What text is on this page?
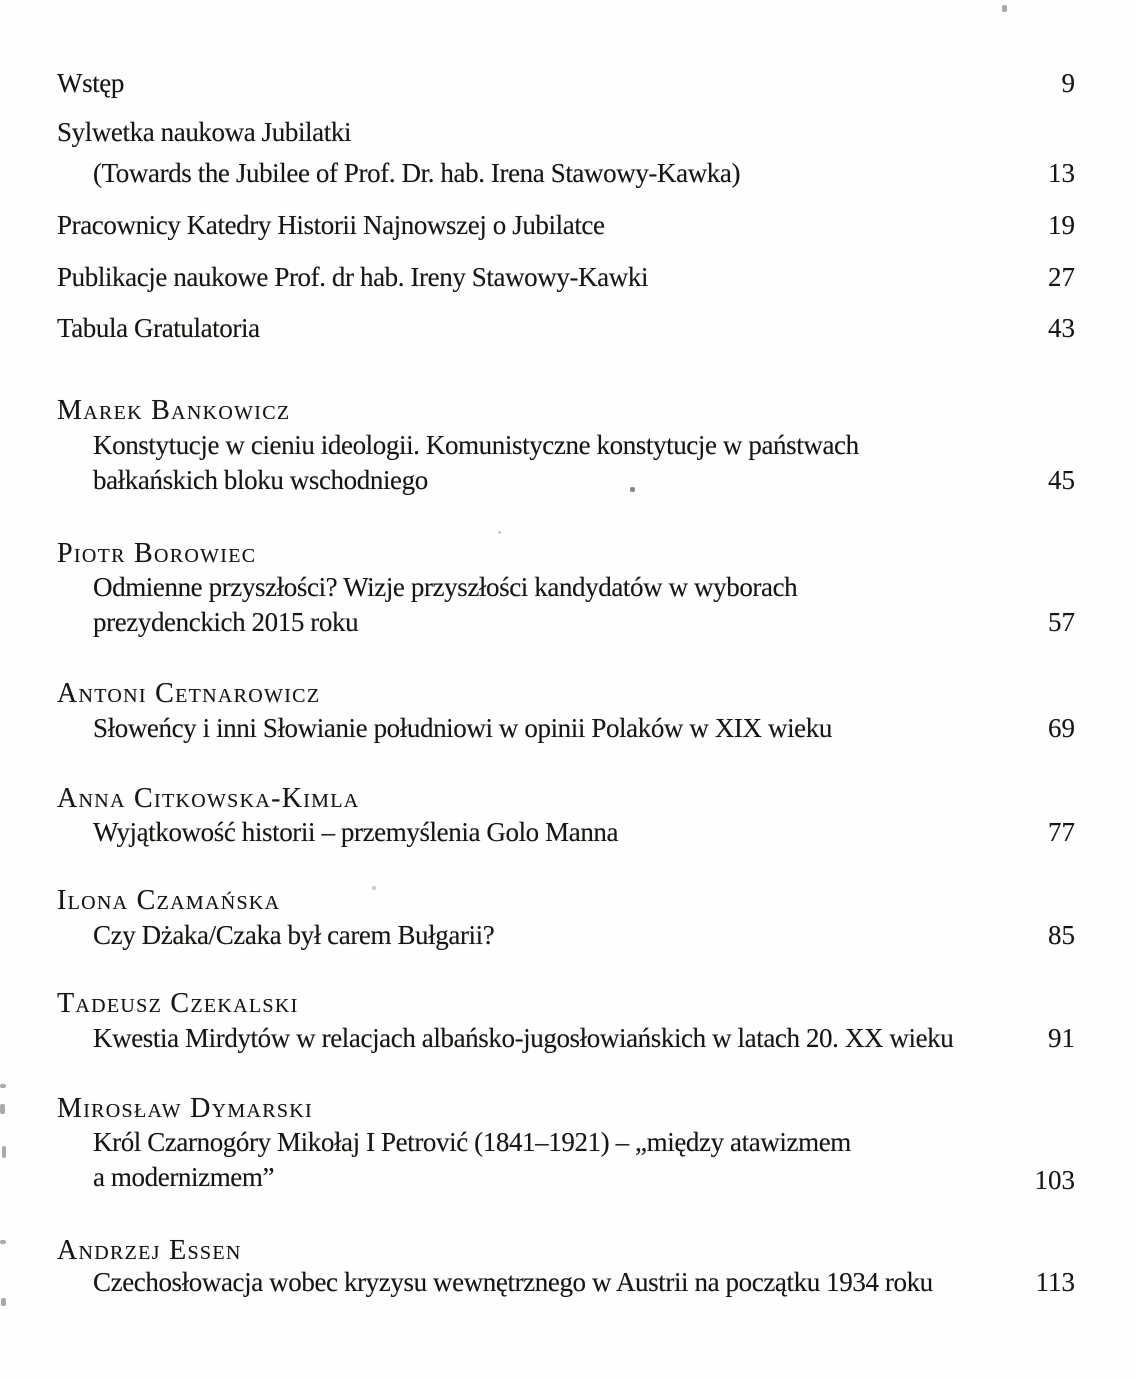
Wstęp	9
Sylwetka naukowa Jubilatki
(Towards the Jubilee of Prof. Dr. hab. Irena Stawowy-Kawka)	13
Pracownicy Katedry Historii Najnowszej o Jubilatce	19
Publikacje naukowe Prof. dr hab. Ireny Stawowy-Kawki	27
Tabula Gratulatoria	43
Marek Bankowicz
Konstytucje w cieniu ideologii. Komunistyczne konstytucje w państwach
bałkańskich bloku wschodniego	45
Piotr Borowiec
Odmienne przyszłości? Wizje przyszłości kandydatów w wyborach
prezydenckich 2015 roku	57
Antoni Cetnarowicz
Słoweńcy i inni Słowianie południowi w opinii Polaków w XIX wieku	69
Anna Citkowska-Kimla
Wyjątkowość historii – przemyślenia Golo Manna	77
Ilona Czamańska
Czy Dżaka/Czaka był carem Bułgarii?	85
Tadeusz Czekalski
Kwestia Mirdytów w relacjach albańsko-jugosłowiańskich w latach 20. XX wieku	91
Mirosław Dymarski
Król Czarnogóry Mikołaj I Petrović (1841–1921) – „między atawizmem
a modernizmem”	103
Andrzej Essen
Czechosłowacja wobec kryzysu wewnętrznego w Austrii na początku 1934 roku	113
